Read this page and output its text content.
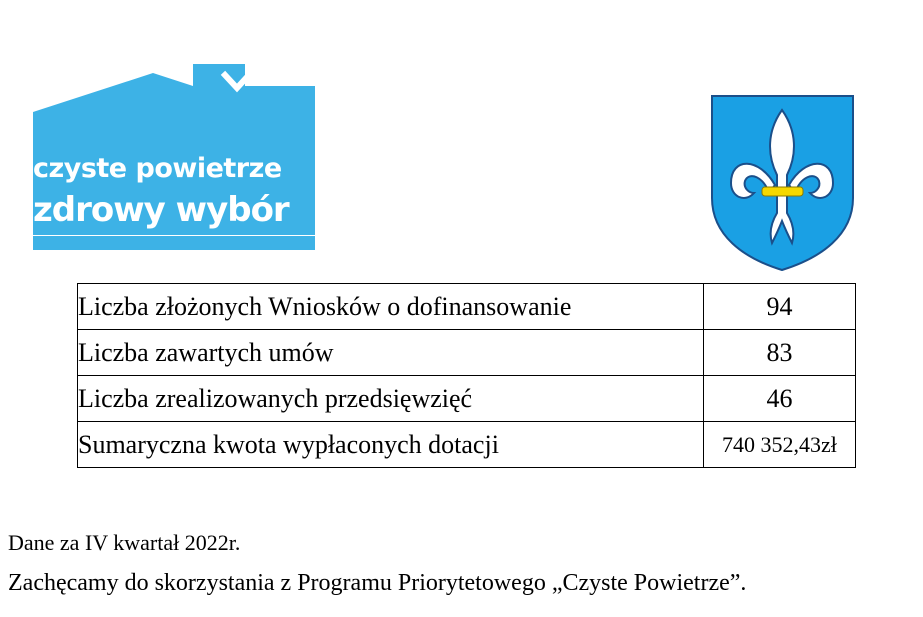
czyste powietrze
zdrowy wybór
Liczba złożonych Wniosków o dofinansowanie	94
Liczba zawartych umów	83
Liczba zrealizowanych przedsięwzięć	46
Sumaryczna kwota wypłaconych dotacji	740 352,43zł
Dane za IV kwartał 2022r.
Zachęcamy do skorzystania z Programu Priorytetowego „Czyste Powietrze”.
